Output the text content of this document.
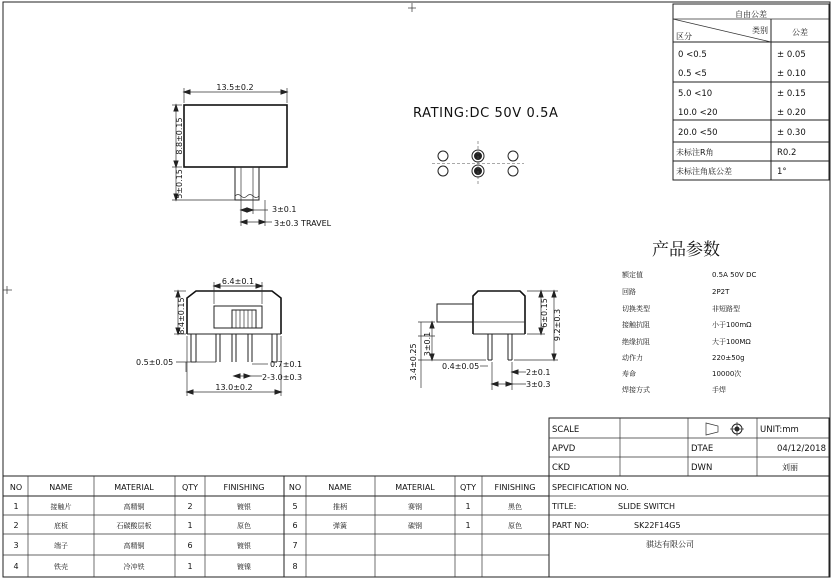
自由公差
区分
类别	公差
0 <0.5	± 0.05
0.5 <5	± 0.10
5.0 <10	± 0.15
10.0 <20	± 0.20
20.0 <50	± 0.30
未标注R角	R0.2
未标注角底公差	1°
RATING:DC 50V 0.5A
13.5±0.2
8.8±0.15
5±0.15
3±0.1
3±0.3 TRAVEL
6.4±0.1
8.4±0.15
0.5±0.05	0.7±0.1
2-3.0±0.3
13.0±0.2
6±0.15 9.2±0.3
3.4±0.25 3±0.1
0.4±0.05
2±0.1
3±0.3
产品参数
额定值	0.5A 50V DC
回路	2P2T
切换类型	非短路型
接触抗阻	小于100mΩ
绝缘抗阻	大于100MΩ
动作力	220±50g
寿命	10000次
焊接方式	手焊
SCALE	UNIT:mm
APVD	DTAE	04/12/2018
CKD	DWN	刘丽
SPECIFICATION NO.
TITLE:	SLIDE SWITCH
PART NO:	SK22F14G5
骐达有限公司
NO	NAME	MATERIAL	QTY	FINISHING	NO	NAME	MATERIAL	QTY FINISHING
1	接触片	高精铜	2	镀银	5	推柄	赛钢	1	黑色
2	底板	石碳酸层板	1	原色	6	弹簧	碳钢	1	原色
3	端子	高精铜	6	镀银	7
4	铁壳	冷冲铁	1	镀镍	8
